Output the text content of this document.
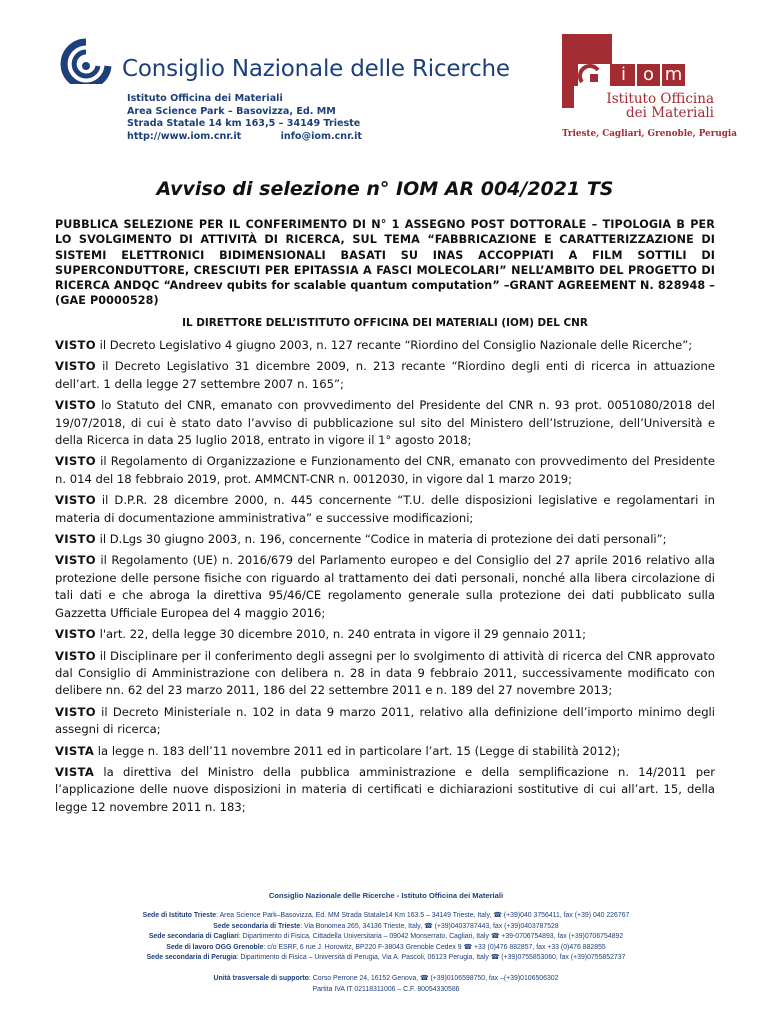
Consiglio Nazionale delle Ricerche
Istituto Officina dei Materiali
Area Science Park – Basovizza, Ed. MM
Strada Statale 14 km 163,5 – 34149 Trieste
http://www.iom.cnr.it	info@iom.cnr.it
i o m
Istituto Officina
dei Materiali
Trieste, Cagliari, Grenoble, Perugia
Avviso di selezione n° IOM AR 004/2021 TS
PUBBLICA SELEZIONE PER IL CONFERIMENTO DI N° 1 ASSEGNO POST DOTTORALE – TIPOLOGIA B PER LO SVOLGIMENTO DI ATTIVITÀ DI RICERCA, SUL TEMA “FABBRICAZIONE E CARATTERIZZAZIONE DI SISTEMI ELETTRONICI BIDIMENSIONALI BASATI SU INAS ACCOPPIATI A FILM SOTTILI DI SUPERCONDUTTORE, CRESCIUTI PER EPITASSIA A FASCI MOLECOLARI” NELL’AMBITO DEL PROGETTO DI RICERCA ANDQC “Andreev qubits for scalable quantum computation” –GRANT AGREEMENT N. 828948 – (GAE P0000528)
IL DIRETTORE DELL’ISTITUTO OFFICINA DEI MATERIALI (IOM) DEL CNR
VISTO il Decreto Legislativo 4 giugno 2003, n. 127 recante “Riordino del Consiglio Nazionale delle Ricerche”;
VISTO il Decreto Legislativo 31 dicembre 2009, n. 213 recante “Riordino degli enti di ricerca in attuazione dell’art. 1 della legge 27 settembre 2007 n. 165”;
VISTO lo Statuto del CNR, emanato con provvedimento del Presidente del CNR n. 93 prot. 0051080/2018 del 19/07/2018, di cui è stato dato l’avviso di pubblicazione sul sito del Ministero dell’Istruzione, dell’Università e della Ricerca in data 25 luglio 2018, entrato in vigore il 1° agosto 2018;
VISTO il Regolamento di Organizzazione e Funzionamento del CNR, emanato con provvedimento del Presidente n. 014 del 18 febbraio 2019, prot. AMMCNT-CNR n. 0012030, in vigore dal 1 marzo 2019;
VISTO il D.P.R. 28 dicembre 2000, n. 445 concernente “T.U. delle disposizioni legislative e regolamentari in materia di documentazione amministrativa” e successive modificazioni;
VISTO il D.Lgs 30 giugno 2003, n. 196, concernente “Codice in materia di protezione dei dati personali”;
VISTO il Regolamento (UE) n. 2016/679 del Parlamento europeo e del Consiglio del 27 aprile 2016 relativo alla protezione delle persone fisiche con riguardo al trattamento dei dati personali, nonché alla libera circolazione di tali dati e che abroga la direttiva 95/46/CE regolamento generale sulla protezione dei dati pubblicato sulla Gazzetta Ufficiale Europea del 4 maggio 2016;
VISTO l'art. 22, della legge 30 dicembre 2010, n. 240 entrata in vigore il 29 gennaio 2011;
VISTO il Disciplinare per il conferimento degli assegni per lo svolgimento di attività di ricerca del CNR approvato dal Consiglio di Amministrazione con delibera n. 28 in data 9 febbraio 2011, successivamente modificato con delibere nn. 62 del 23 marzo 2011, 186 del 22 settembre 2011 e n. 189 del 27 novembre 2013;
VISTO il Decreto Ministeriale n. 102 in data 9 marzo 2011, relativo alla definizione dell’importo minimo degli assegni di ricerca;
VISTA la legge n. 183 dell’11 novembre 2011 ed in particolare l’art. 15 (Legge di stabilità 2012);
VISTA la direttiva del Ministro della pubblica amministrazione e della semplificazione n. 14/2011 per l’applicazione delle nuove disposizioni in materia di certificati e dichiarazioni sostitutive di cui all’art. 15, della legge 12 novembre 2011 n. 183;
Consiglio Nazionale delle Ricerche - Istituto Officina dei Materiali
Sede di Istituto Trieste: Area Science Park–Basovizza, Ed. MM Strada Statale14 Km 163.5 – 34149 Trieste, Italy, ☎ (+39)040 3756411, fax (+39) 040 226767
Sede secondaria di Trieste: Via Bonomea 265, 34136 Trieste, Italy, ☎ (+39)0403787443, fax (+39)0403787528
Sede secondaria di Cagliari: Dipartimento di Fisica, Cittadella Universitaria – 09042 Monserrato, Cagliari, Italy ☎ +39-0706754893, fax (+39)0706754892
Sede di lavoro OGG Grenoble: c/o ESRF, 6 rue J. Horowitz, BP220 F-38043 Grenoble Cedex 9 ☎ +33 (0)476 882857, fax +33 (0)476 882855
Sede secondaria di Perugia: Dipartimento di Fisica – Università di Perugia, Via A. Pascoli, 06123 Perugia, Italy ☎ (+39)0755853060, fax (+39)0755852737
Unità trasversale di supporto: Corso Perrone 24, 16152 Genova, ☎ (+39)0106598750, fax –(+39)0106506302
Partita IVA IT 02118311006 – C.F. 80054330586
